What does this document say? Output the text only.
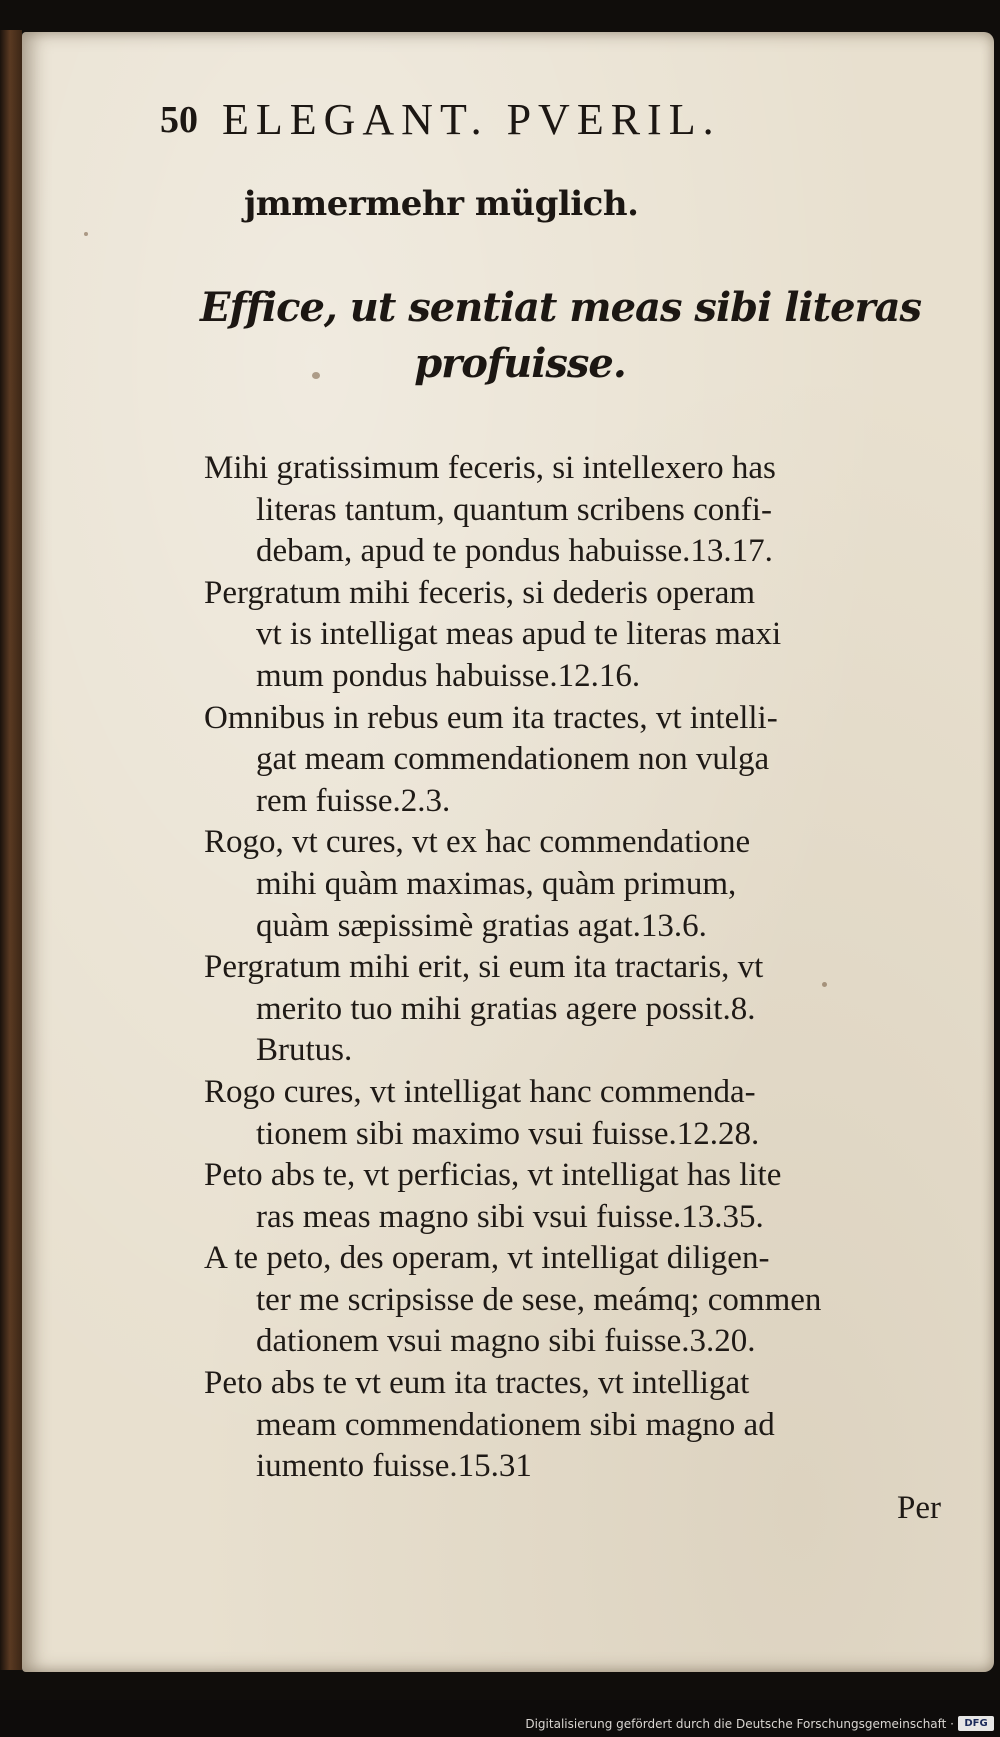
50 ELEGANT. PVERIL.
jmmermehr müglich.
Effice, ut sentiat meas sibi literas
profuisse.
Mihi gratissimum feceris, si intellexero has
literas tantum, quantum scribens confi-
debam, apud te pondus habuisse.13.17.
Pergratum mihi feceris, si dederis operam
vt is intelligat meas apud te literas maxi
mum pondus habuisse.12.16.
Omnibus in rebus eum ita tractes, vt intelli-
gat meam commendationem non vulga
rem fuisse.2.3.
Rogo, vt cures, vt ex hac commendatione
mihi quàm maximas, quàm primum,
quàm sæpissimè gratias agat.13.6.
Pergratum mihi erit, si eum ita tractaris, vt
merito tuo mihi gratias agere possit.8.
Brutus.
Rogo cures, vt intelligat hanc commenda-
tionem sibi maximo vsui fuisse.12.28.
Peto abs te, vt perficias, vt intelligat has lite
ras meas magno sibi vsui fuisse.13.35.
A te peto, des operam, vt intelligat diligen-
ter me scripsisse de sese, meámq; commen
dationem vsui magno sibi fuisse.3.20.
Peto abs te vt eum ita tractes, vt intelligat
meam commendationem sibi magno ad
iumento fuisse.15.31
Per
Digitalisierung gefördert durch die Deutsche Forschungsgemeinschaft ·	DFG
